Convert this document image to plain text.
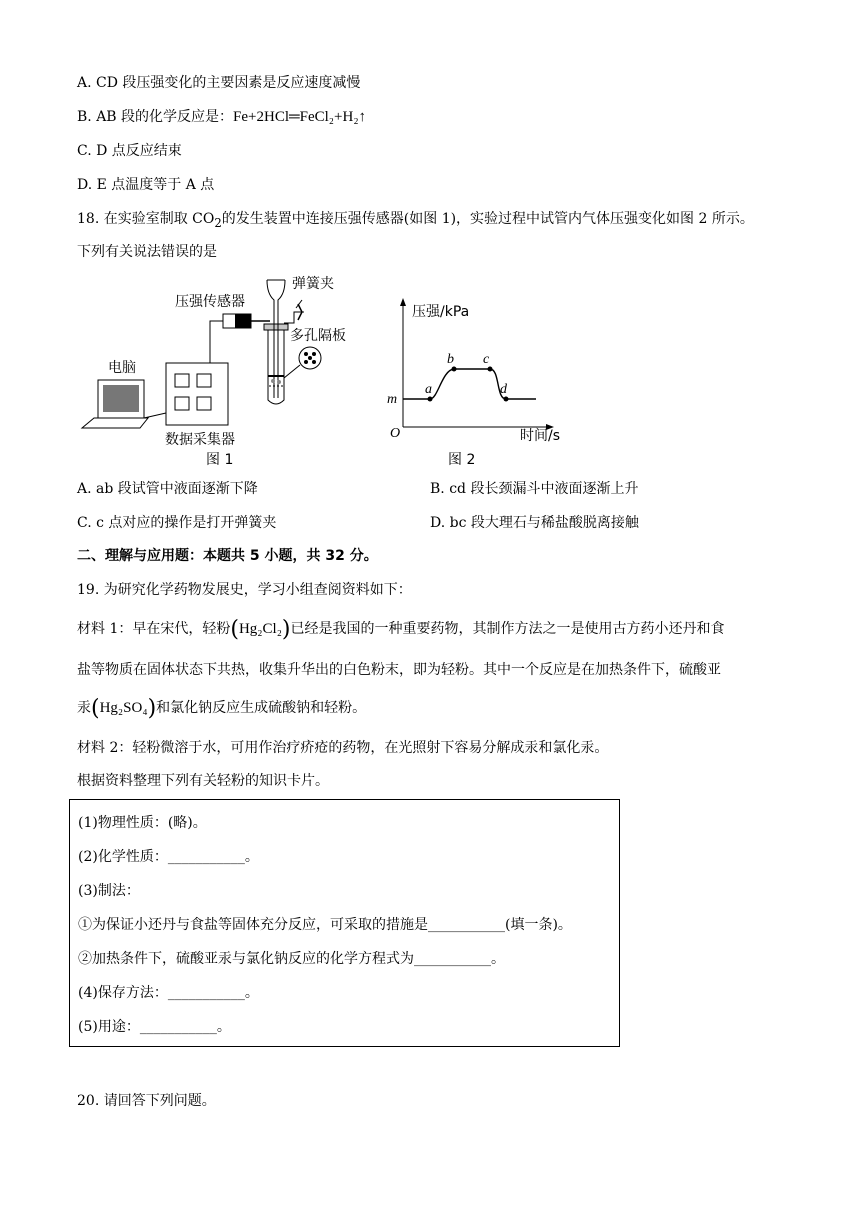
A. CD 段压强变化的主要因素是反应速度减慢
B. AB 段的化学反应是：Fe+2HCl═FeCl₂+H₂↑
C. D 点反应结束
D. E 点温度等于 A 点
18. 在实验室制取 $CO_2$的发生装置中连接压强传感器(如图 1)，实验过程中试管内气体压强变化如图 2 所示。
下列有关说法错误的是
压强传感器
数据采集器
电脑
弹簧夹
多孔隔板
图 1
压强/kPa
时间/s
O
m
a
b c
d
图 2
A. ab 段试管中液面逐渐下降	B. cd 段长颈漏斗中液面逐渐上升
C. c 点对应的操作是打开弹簧夹	D. bc 段大理石与稀盐酸脱离接触
二、理解与应用题：本题共 5 小题，共 32 分。
19. 为研究化学药物发展史，学习小组查阅资料如下：
材料 1：早在宋代，轻粉(Hg₂Cl₂)已经是我国的一种重要药物，其制作方法之一是使用古方药小还丹和食
盐等物质在固体状态下共热，收集升华出的白色粉末，即为轻粉。其中一个反应是在加热条件下，硫酸亚
汞(Hg₂SO₄)和氯化钠反应生成硫酸钠和轻粉。
材料 2：轻粉微溶于水，可用作治疗疥疮的药物，在光照射下容易分解成汞和氯化汞。
根据资料整理下列有关轻粉的知识卡片。
(1)物理性质：(略)。
(2)化学性质：___________。
(3)制法：
①为保证小还丹与食盐等固体充分反应，可采取的措施是___________(填一条)。
②加热条件下，硫酸亚汞与氯化钠反应的化学方程式为___________。
(4)保存方法：___________。
(5)用途：___________。
20. 请回答下列问题。
